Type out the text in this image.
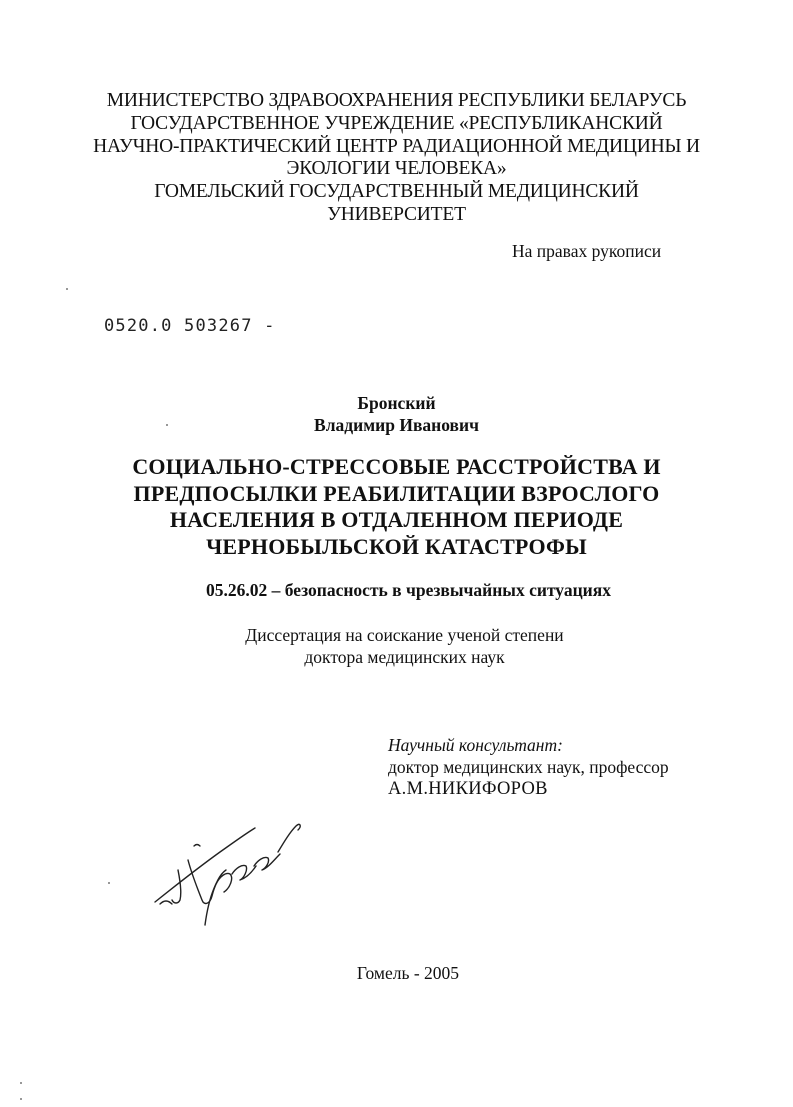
МИНИСТЕРСТВО ЗДРАВООХРАНЕНИЯ РЕСПУБЛИКИ БЕЛАРУСЬ
ГОСУДАРСТВЕННОЕ УЧРЕЖДЕНИЕ «РЕСПУБЛИКАНСКИЙ
НАУЧНО-ПРАКТИЧЕСКИЙ ЦЕНТР РАДИАЦИОННОЙ МЕДИЦИНЫ И
ЭКОЛОГИИ ЧЕЛОВЕКА»
ГОМЕЛЬСКИЙ ГОСУДАРСТВЕННЫЙ МЕДИЦИНСКИЙ
УНИВЕРСИТЕТ
На правах рукописи
0520.0 503267 -
Бронский
Владимир Иванович
СОЦИАЛЬНО-СТРЕССОВЫЕ РАССТРОЙСТВА И
ПРЕДПОСЫЛКИ РЕАБИЛИТАЦИИ ВЗРОСЛОГО
НАСЕЛЕНИЯ В ОТДАЛЕННОМ ПЕРИОДЕ
ЧЕРНОБЫЛЬСКОЙ КАТАСТРОФЫ
05.26.02 – безопасность в чрезвычайных ситуациях
Диссертация на соискание ученой степени
доктора медицинских наук
Научный консультант:
доктор медицинских наук, профессор
А.М.НИКИФОРОВ
Гомель - 2005
